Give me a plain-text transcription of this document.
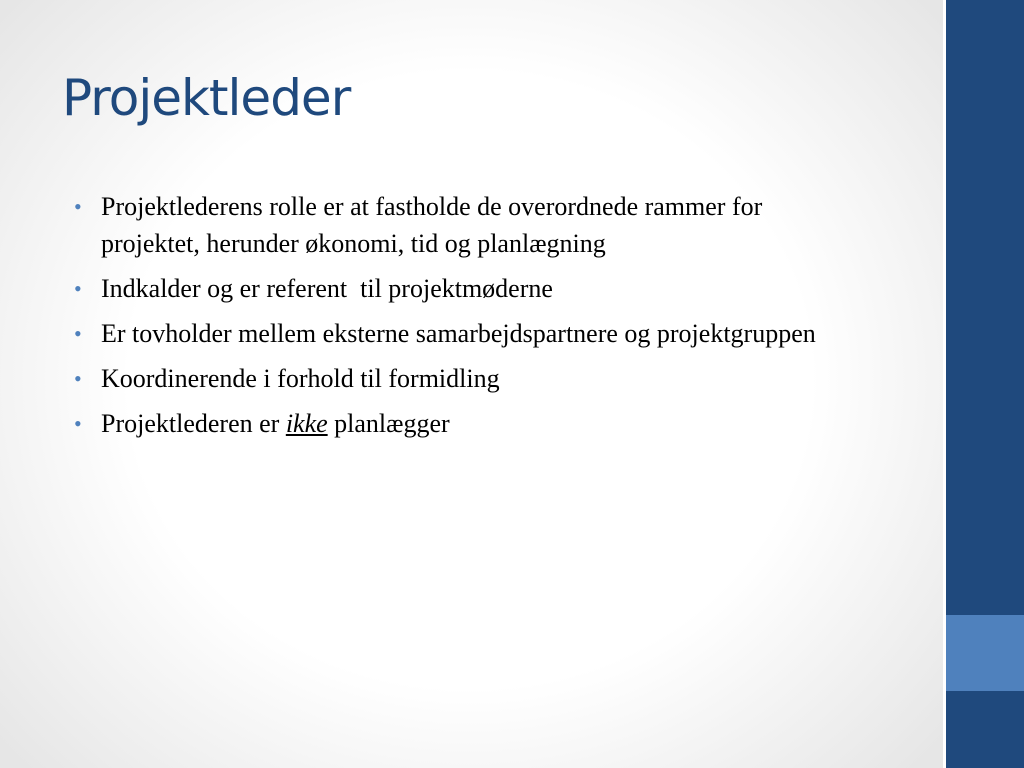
Projektleder
• Projektlederens rolle er at fastholde de overordnede rammer for projektet, herunder økonomi, tid og planlægning
• Indkalder og er referent  til projektmøderne
• Er tovholder mellem eksterne samarbejdspartnere og projektgruppen
• Koordinerende i forhold til formidling
• Projektlederen er ikke planlægger
